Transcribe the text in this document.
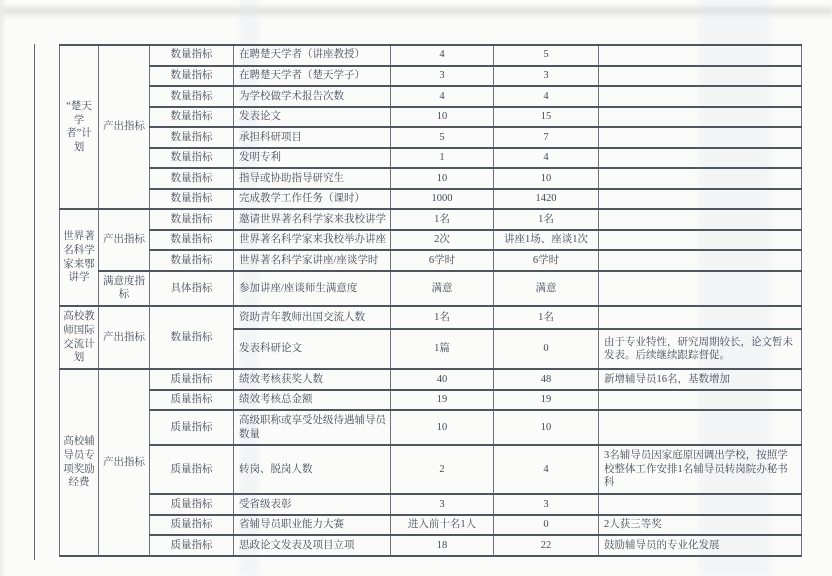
“楚天学者”计划	产出指标	数量指标	在聘楚天学者（讲座教授）	4	5	
		数量指标	在聘楚天学者（楚天学子）	3	3	
		数量指标	为学校做学术报告次数	4	4	
		数量指标	发表论文	10	15	
		数量指标	承担科研项目	5	7	
		数量指标	发明专利	1	4	
		数量指标	指导或协助指导研究生	10	10	
		数量指标	完成教学工作任务（课时）	1000	1420	
世界著名科学家来鄂讲学	产出指标	数量指标	邀请世界著名科学家来我校讲学	1名	1名	
		数量指标	世界著名科学家来我校举办讲座	2次	讲座1场、座谈1次	
		数量指标	世界著名科学家讲座/座谈学时	6学时	6学时	
	满意度指标	具体指标	参加讲座/座谈师生满意度	满意	满意	
高校教师国际交流计划	产出指标	数量指标	资助青年教师出国交流人数	1名	1名	
			发表科研论文	1篇	0	由于专业特性，研究周期较长，论文暂未发表。后续继续跟踪督促。
高校辅导员专项奖励经费	产出指标	质量指标	绩效考核获奖人数	40	48	新增辅导员16名，基数增加
		质量指标	绩效考核总金额	19	19	
		质量指标	高级职称或享受处级待遇辅导员数量	10	10	
		质量指标	转岗、脱岗人数	2	4	3名辅导员因家庭原因调出学校，按照学校整体工作安排1名辅导员转岗院办秘书科
		质量指标	受省级表彰	3	3	
		质量指标	省辅导员职业能力大赛	进入前十名1人	0	2人获三等奖
		质量指标	思政论文发表及项目立项	18	22	鼓励辅导员的专业化发展
